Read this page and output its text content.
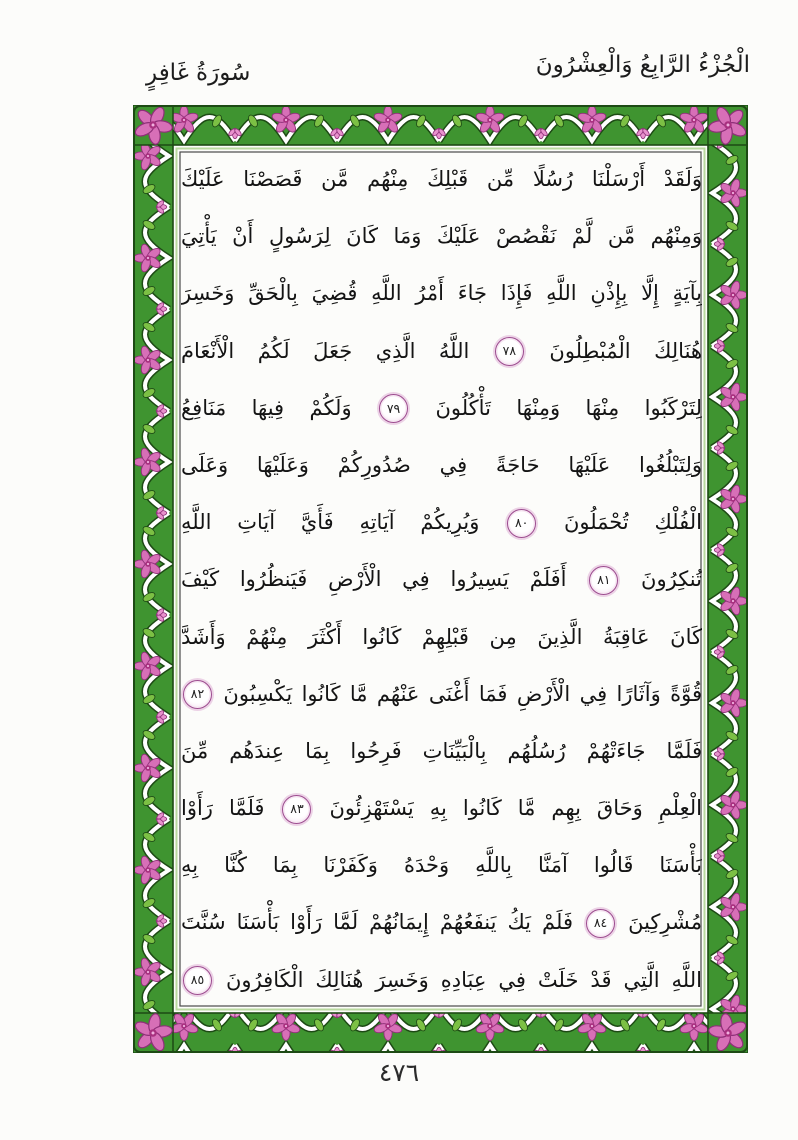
الْجُزْءُ الرَّابِعُ وَالْعِشْرُونَ
سُورَةُ غَافِرٍ
وَلَقَدْ أَرْسَلْنَا رُسُلًا مِّن قَبْلِكَ مِنْهُم مَّن قَصَصْنَا عَلَيْكَ
وَمِنْهُم مَّن لَّمْ نَقْصُصْ عَلَيْكَ وَمَا كَانَ لِرَسُولٍ أَنْ يَأْتِيَ
بِآيَةٍ إِلَّا بِإِذْنِ اللَّهِ فَإِذَا جَاءَ أَمْرُ اللَّهِ قُضِيَ بِالْحَقِّ وَخَسِرَ
هُنَالِكَ الْمُبْطِلُونَ
٧٨
اللَّهُ الَّذِي جَعَلَ لَكُمُ الْأَنْعَامَ
لِتَرْكَبُوا مِنْهَا وَمِنْهَا تَأْكُلُونَ
٧٩
وَلَكُمْ فِيهَا مَنَافِعُ
وَلِتَبْلُغُوا عَلَيْهَا حَاجَةً فِي صُدُورِكُمْ وَعَلَيْهَا وَعَلَى
الْفُلْكِ تُحْمَلُونَ
٨٠
وَيُرِيكُمْ آيَاتِهِ فَأَيَّ آيَاتِ اللَّهِ
تُنكِرُونَ
٨١
أَفَلَمْ يَسِيرُوا فِي الْأَرْضِ فَيَنظُرُوا كَيْفَ
كَانَ عَاقِبَةُ الَّذِينَ مِن قَبْلِهِمْ كَانُوا أَكْثَرَ مِنْهُمْ وَأَشَدَّ
قُوَّةً وَآثَارًا فِي الْأَرْضِ فَمَا أَغْنَى عَنْهُم مَّا كَانُوا يَكْسِبُونَ
٨٢
فَلَمَّا جَاءَتْهُمْ رُسُلُهُم بِالْبَيِّنَاتِ فَرِحُوا بِمَا عِندَهُم مِّنَ
الْعِلْمِ وَحَاقَ بِهِم مَّا كَانُوا بِهِ يَسْتَهْزِئُونَ
٨٣
فَلَمَّا رَأَوْا
بَأْسَنَا قَالُوا آمَنَّا بِاللَّهِ وَحْدَهُ وَكَفَرْنَا بِمَا كُنَّا بِهِ
مُشْرِكِينَ
٨٤
فَلَمْ يَكُ يَنفَعُهُمْ إِيمَانُهُمْ لَمَّا رَأَوْا بَأْسَنَا سُنَّتَ
اللَّهِ الَّتِي قَدْ خَلَتْ فِي عِبَادِهِ وَخَسِرَ هُنَالِكَ الْكَافِرُونَ
٨٥
٤٧٦
